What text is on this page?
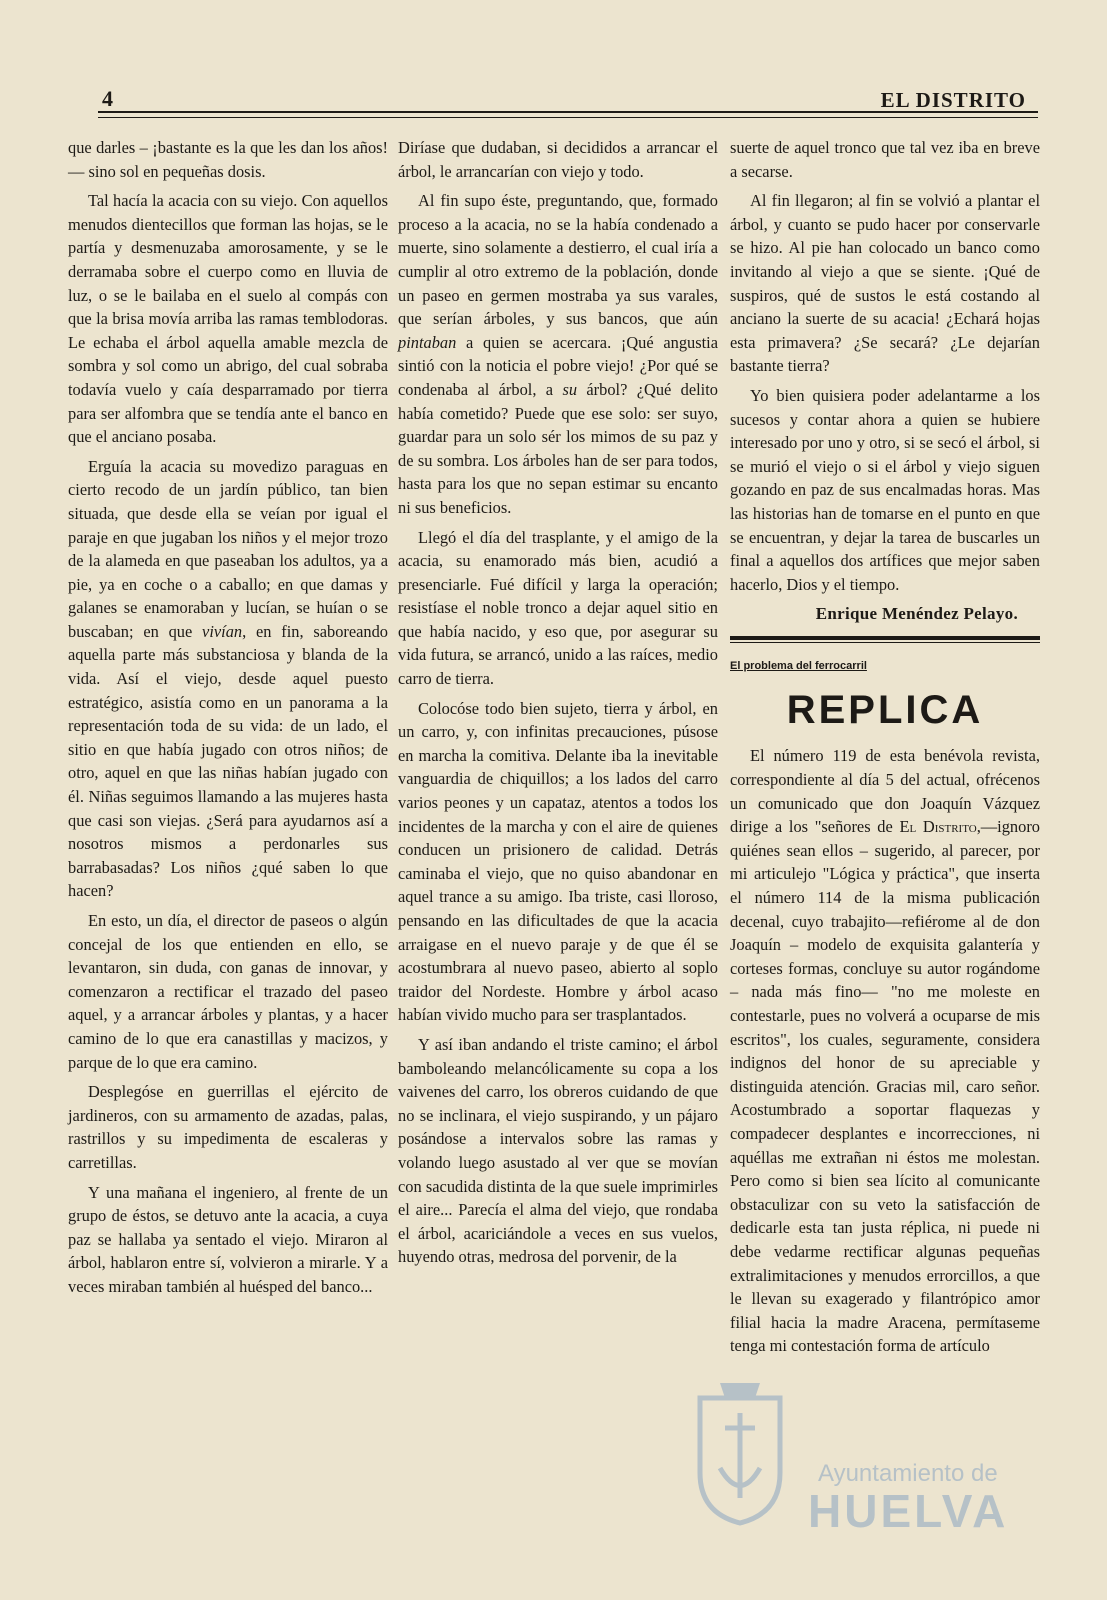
4	EL DISTRITO

que darles – ¡bastante es la que les dan los años! — sino sol en pequeñas dosis.

Tal hacía la acacia con su viejo. Con aquellos menudos dientecillos que forman las hojas, se le partía y desmenuzaba amorosamente, y se le derramaba sobre el cuerpo como en lluvia de luz, o se le bailaba en el suelo al compás con que la brisa movía arriba las ramas temblodoras. Le echaba el árbol aquella amable mezcla de sombra y sol como un abrigo, del cual sobraba todavía vuelo y caía desparramado por tierra para ser alfombra que se tendía ante el banco en que el anciano posaba.

Erguía la acacia su movedizo paraguas en cierto recodo de un jardín público, tan bien situada, que desde ella se veían por igual el paraje en que jugaban los niños y el mejor trozo de la alameda en que paseaban los adultos, ya a pie, ya en coche o a caballo; en que damas y galanes se enamoraban y lucían, se huían o se buscaban; en que vivían, en fin, saboreando aquella parte más substanciosa y blanda de la vida. Así el viejo, desde aquel puesto estratégico, asistía como en un panorama a la representación toda de su vida: de un lado, el sitio en que había jugado con otros niños; de otro, aquel en que las niñas habían jugado con él. Niñas seguimos llamando a las mujeres hasta que casi son viejas. ¿Será para ayudarnos así a nosotros mismos a perdonarles sus barrabasadas? Los niños ¿qué saben lo que hacen?

En esto, un día, el director de paseos o algún concejal de los que entienden en ello, se levantaron, sin duda, con ganas de innovar, y comenzaron a rectificar el trazado del paseo aquel, y a arrancar árboles y plantas, y a hacer camino de lo que era canastillas y macizos, y parque de lo que era camino.

Desplegóse en guerrillas el ejército de jardineros, con su armamento de azadas, palas, rastrillos y su impedimenta de escaleras y carretillas.

Y una mañana el ingeniero, al frente de un grupo de éstos, se detuvo ante la acacia, a cuya paz se hallaba ya sentado el viejo. Miraron al árbol, hablaron entre sí, volvieron a mirarle. Y a veces miraban también al huésped del banco...

Diríase que dudaban, si decididos a arrancar el árbol, le arrancarían con viejo y todo.

Al fin supo éste, preguntando, que, formado proceso a la acacia, no se la había condenado a muerte, sino solamente a destierro, el cual iría a cumplir al otro extremo de la población, donde un paseo en germen mostraba ya sus varales, que serían árboles, y sus bancos, que aún pintaban a quien se acercara. ¡Qué angustia sintió con la noticia el pobre viejo! ¿Por qué se condenaba al árbol, a su árbol? ¿Qué delito había cometido? Puede que ese solo: ser suyo, guardar para un solo sér los mimos de su paz y de su sombra. Los árboles han de ser para todos, hasta para los que no sepan estimar su encanto ni sus beneficios.

Llegó el día del trasplante, y el amigo de la acacia, su enamorado más bien, acudió a presenciarle. Fué difícil y larga la operación; resistíase el noble tronco a dejar aquel sitio en que había nacido, y eso que, por asegurar su vida futura, se arrancó, unido a las raíces, medio carro de tierra.

Colocóse todo bien sujeto, tierra y árbol, en un carro, y, con infinitas precauciones, púsose en marcha la comitiva. Delante iba la inevitable vanguardia de chiquillos; a los lados del carro varios peones y un capataz, atentos a todos los incidentes de la marcha y con el aire de quienes conducen un prisionero de calidad. Detrás caminaba el viejo, que no quiso abandonar en aquel trance a su amigo. Iba triste, casi lloroso, pensando en las dificultades de que la acacia arraigase en el nuevo paraje y de que él se acostumbrara al nuevo paseo, abierto al soplo traidor del Nordeste. Hombre y árbol acaso habían vivido mucho para ser trasplantados.

Y así iban andando el triste camino; el árbol bamboleando melancólicamente su copa a los vaivenes del carro, los obreros cuidando de que no se inclinara, el viejo suspirando, y un pájaro posándose a intervalos sobre las ramas y volando luego asustado al ver que se movían con sacudida distinta de la que suele imprimirles el aire... Parecía el alma del viejo, que rondaba el árbol, acariciándole a veces en sus vuelos, huyendo otras, medrosa del porvenir, de la

suerte de aquel tronco que tal vez iba en breve a secarse.

Al fin llegaron; al fin se volvió a plantar el árbol, y cuanto se pudo hacer por conservarle se hizo. Al pie han colocado un banco como invitando al viejo a que se siente. ¡Qué de suspiros, qué de sustos le está costando al anciano la suerte de su acacia! ¿Echará hojas esta primavera? ¿Se secará? ¿Le dejarían bastante tierra?

Yo bien quisiera poder adelantarme a los sucesos y contar ahora a quien se hubiere interesado por uno y otro, si se secó el árbol, si se murió el viejo o si el árbol y viejo siguen gozando en paz de sus encalmadas horas. Mas las historias han de tomarse en el punto en que se encuentran, y dejar la tarea de buscarles un final a aquellos dos artífices que mejor saben hacerlo, Dios y el tiempo.

Enrique Menéndez Pelayo.
El problema del ferrocarril
REPLICA

El número 119 de esta benévola revista, correspondiente al día 5 del actual, ofrécenos un comunicado que don Joaquín Vázquez dirige a los "señores de El Distrito,—ignoro quiénes sean ellos – sugerido, al parecer, por mi articulejo "Lógica y práctica", que inserta el número 114 de la misma publicación decenal, cuyo trabajito—refiérome al de don Joaquín – modelo de exquisita galantería y corteses formas, concluye su autor rogándome – nada más fino— "no me moleste en contestarle, pues no volverá a ocuparse de mis escritos", los cuales, seguramente, considera indignos del honor de su apreciable y distinguida atención. Gracias mil, caro señor. Acostumbrado a soportar flaquezas y compadecer desplantes e incorrecciones, ni aquéllas me extrañan ni éstos me molestan. Pero como si bien sea lícito al comunicante obstaculizar con su veto la satisfacción de dedicarle esta tan justa réplica, ni puede ni debe vedarme rectificar algunas pequeñas extralimitaciones y menudos errorcillos, a que le llevan su exagerado y filantrópico amor filial hacia la madre Aracena, permítaseme tenga mi contestación forma de artículo

Ayuntamiento de
HUELVA
